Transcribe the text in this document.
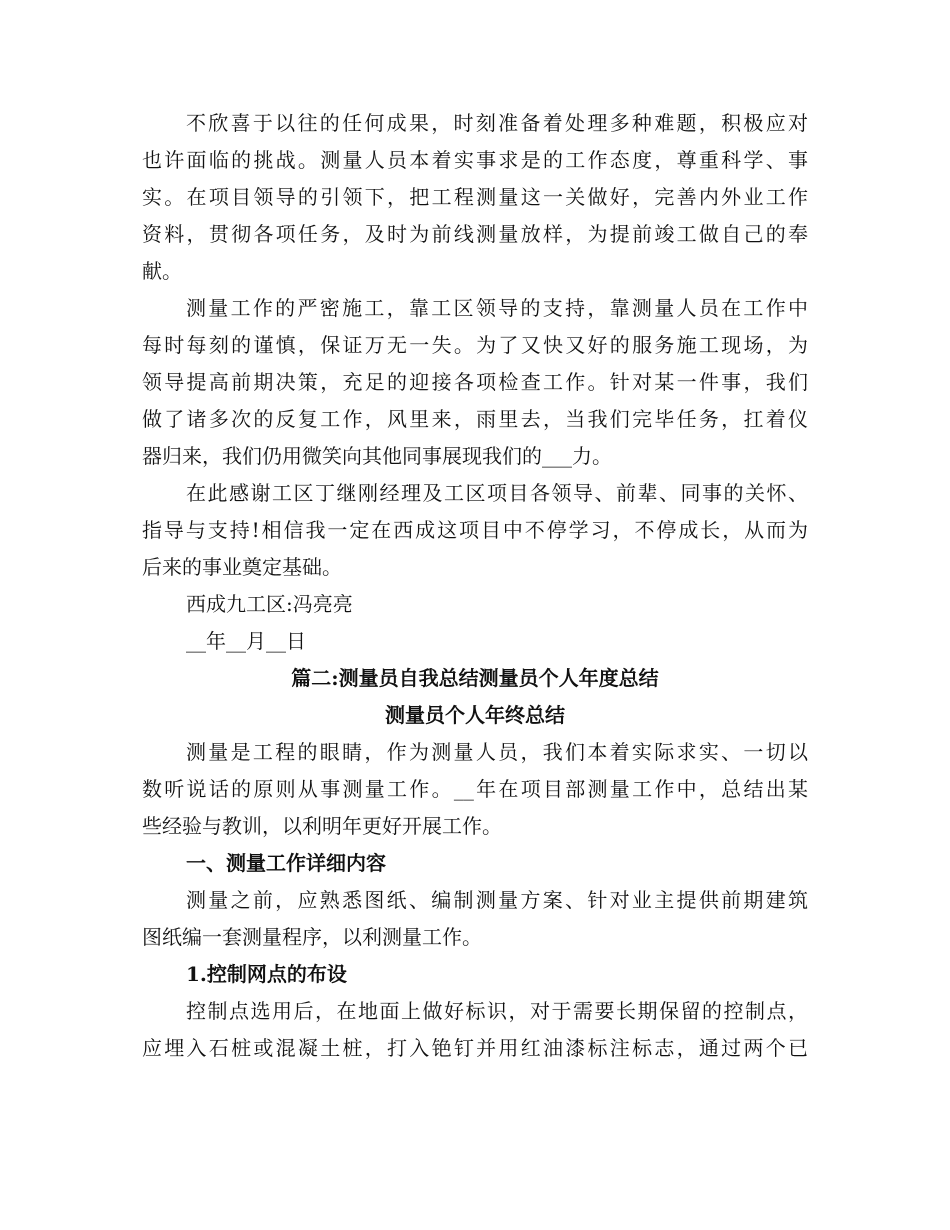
不欣喜于以往的任何成果，时刻准备着处理多种难题，积极应对
也许面临的挑战。测量人员本着实事求是的工作态度，尊重科学、事
实。在项目领导的引领下，把工程测量这一关做好，完善内外业工作
资料，贯彻各项任务，及时为前线测量放样，为提前竣工做自己的奉
献。
测量工作的严密施工，靠工区领导的支持，靠测量人员在工作中
每时每刻的谨慎，保证万无一失。为了又快又好的服务施工现场，为
领导提高前期决策，充足的迎接各项检查工作。针对某一件事，我们
做了诸多次的反复工作，风里来，雨里去，当我们完毕任务，扛着仪
器归来，我们仍用微笑向其他同事展现我们的___力。
在此感谢工区丁继刚经理及工区项目各领导、前辈、同事的关怀、
指导与支持!相信我一定在西成这项目中不停学习，不停成长，从而为
后来的事业奠定基础。

西成九工区:冯亮亮

__年__月__日

篇二:测量员自我总结测量员个人年度总结

测量员个人年终总结

测量是工程的眼睛，作为测量人员，我们本着实际求实、一切以
数听说话的原则从事测量工作。__年在项目部测量工作中，总结出某
些经验与教训，以利明年更好开展工作。

一、测量工作详细内容

测量之前，应熟悉图纸、编制测量方案、针对业主提供前期建筑
图纸编一套测量程序，以利测量工作。

1.控制网点的布设

控制点选用后，在地面上做好标识，对于需要长期保留的控制点，
应埋入石桩或混凝土桩，打入铯钉并用红油漆标注标志，通过两个已
